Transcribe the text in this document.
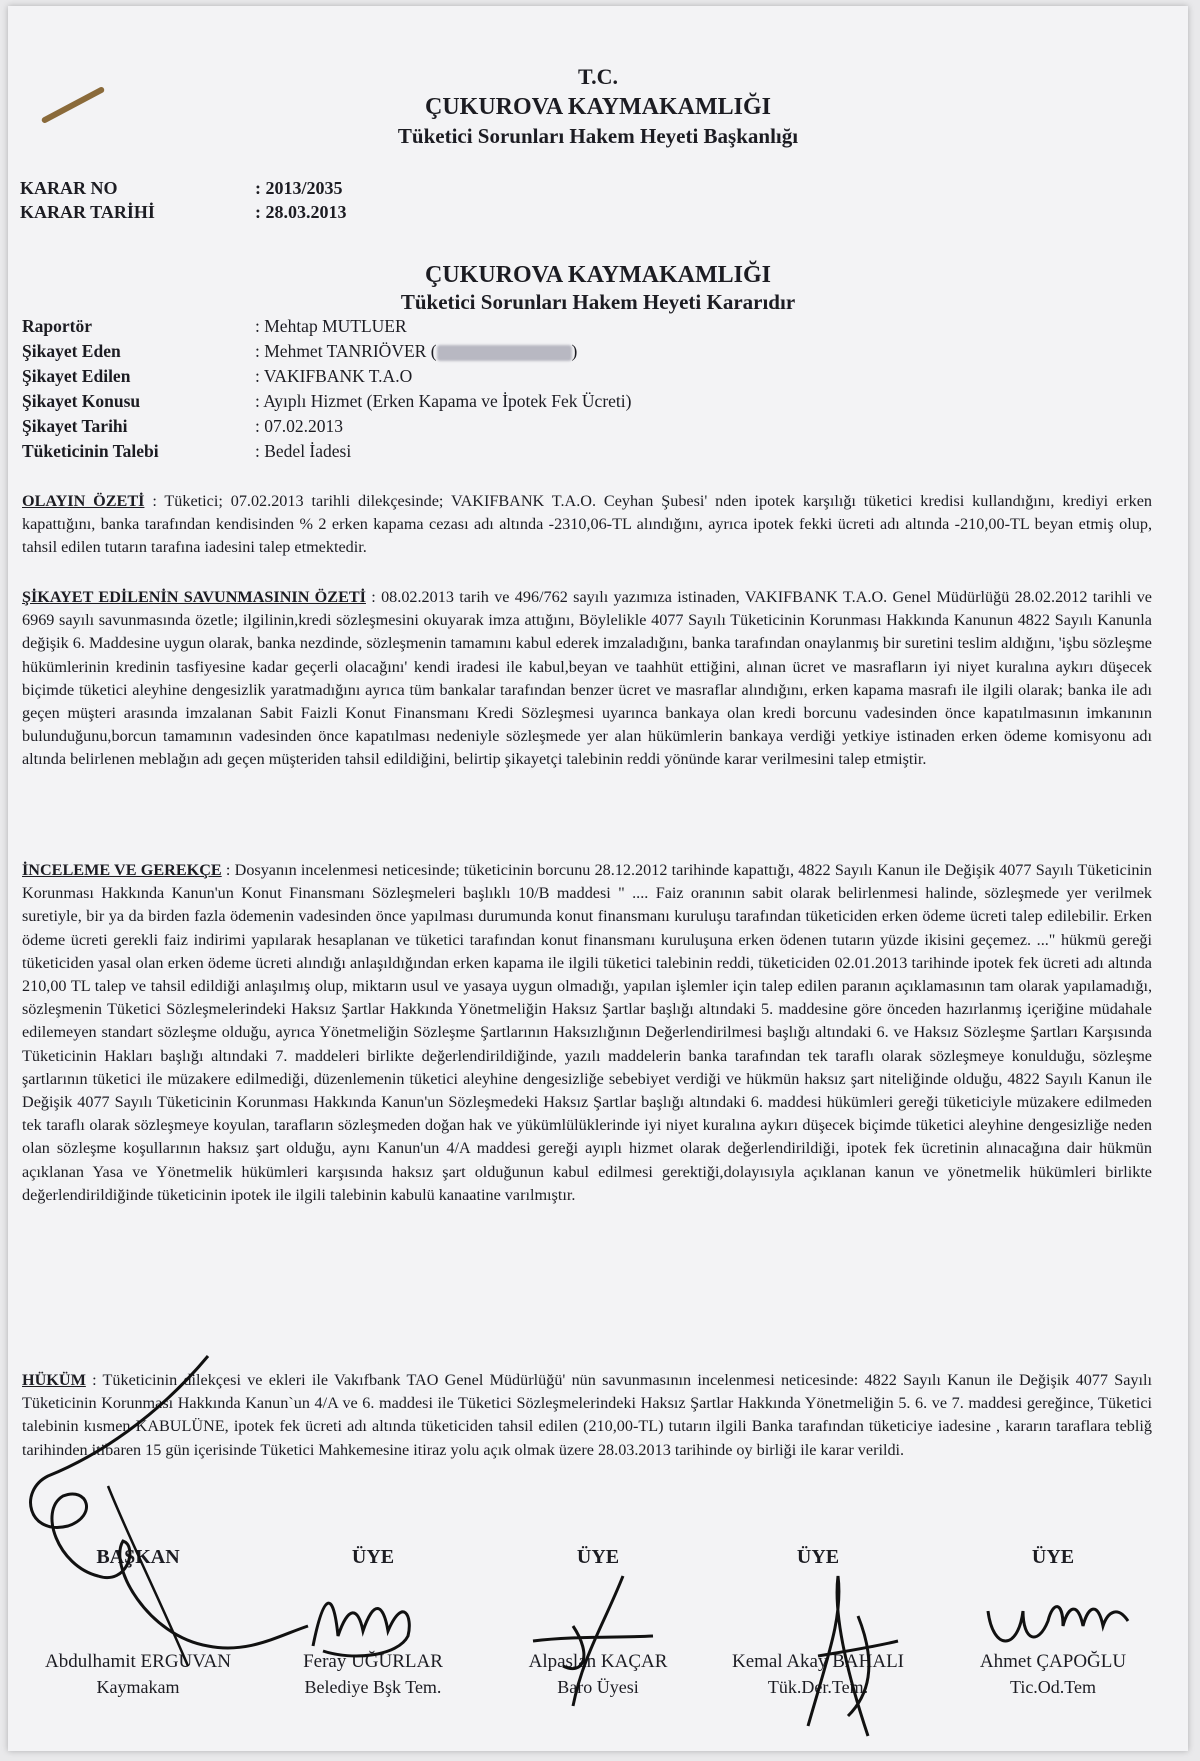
T.C.
ÇUKUROVA KAYMAKAMLIĞI
Tüketici Sorunları Hakem Heyeti Başkanlığı
KARAR NO	: 2013/2035
KARAR TARİHİ	: 28.03.2013
ÇUKUROVA KAYMAKAMLIĞI
Tüketici Sorunları Hakem Heyeti Kararıdır
Raportör	: Mehtap MUTLUER
Şikayet Eden	: Mehmet TANRIÖVER (	)
Şikayet Edilen	: VAKIFBANK T.A.O
Şikayet Konusu	: Ayıplı Hizmet (Erken Kapama ve İpotek Fek Ücreti)
Şikayet Tarihi	: 07.02.2013
Tüketicinin Talebi	: Bedel İadesi
OLAYIN ÖZETİ : Tüketici; 07.02.2013 tarihli dilekçesinde; VAKIFBANK T.A.O. Ceyhan Şubesi' nden ipotek karşılığı tüketici kredisi kullandığını, krediyi erken kapattığını, banka tarafından kendisinden % 2 erken kapama cezası adı altında -2310,06-TL alındığını, ayrıca ipotek fekki ücreti adı altında -210,00-TL beyan etmiş olup, tahsil edilen tutarın tarafına iadesini talep etmektedir.
ŞİKAYET EDİLENİN SAVUNMASININ ÖZETİ : 08.02.2013 tarih ve 496/762 sayılı yazımıza istinaden, VAKIFBANK T.A.O. Genel Müdürlüğü 28.02.2012 tarihli ve 6969 sayılı savunmasında özetle; ilgilinin,kredi sözleşmesini okuyarak imza attığını, Böylelikle 4077 Sayılı Tüketicinin Korunması Hakkında Kanunun 4822 Sayılı Kanunla değişik 6. Maddesine uygun olarak, banka nezdinde, sözleşmenin tamamını kabul ederek imzaladığını, banka tarafından onaylanmış bir suretini teslim aldığını, 'işbu sözleşme hükümlerinin kredinin tasfiyesine kadar geçerli olacağını' kendi iradesi ile kabul,beyan ve taahhüt ettiğini, alınan ücret ve masrafların iyi niyet kuralına aykırı düşecek biçimde tüketici aleyhine dengesizlik yaratmadığını ayrıca tüm bankalar tarafından benzer ücret ve masraflar alındığını, erken kapama masrafı ile ilgili olarak; banka ile adı geçen müşteri arasında imzalanan Sabit Faizli Konut Finansmanı Kredi Sözleşmesi uyarınca bankaya olan kredi borcunu vadesinden önce kapatılmasının imkanının bulunduğunu,borcun tamamının vadesinden önce kapatılması nedeniyle sözleşmede yer alan hükümlerin bankaya verdiği yetkiye istinaden erken ödeme komisyonu adı altında belirlenen meblağın adı geçen müşteriden tahsil edildiğini, belirtip şikayetçi talebinin reddi yönünde karar verilmesini talep etmiştir.
İNCELEME VE GEREKÇE : Dosyanın incelenmesi neticesinde; tüketicinin borcunu 28.12.2012 tarihinde kapattığı, 4822 Sayılı Kanun ile Değişik 4077 Sayılı Tüketicinin Korunması Hakkında Kanun'un Konut Finansmanı Sözleşmeleri başlıklı 10/B maddesi " .... Faiz oranının sabit olarak belirlenmesi halinde, sözleşmede yer verilmek suretiyle, bir ya da birden fazla ödemenin vadesinden önce yapılması durumunda konut finansmanı kuruluşu tarafından tüketiciden erken ödeme ücreti talep edilebilir. Erken ödeme ücreti gerekli faiz indirimi yapılarak hesaplanan ve tüketici tarafından konut finansmanı kuruluşuna erken ödenen tutarın yüzde ikisini geçemez. ..." hükmü gereği tüketiciden yasal olan erken ödeme ücreti alındığı anlaşıldığından erken kapama ile ilgili tüketici talebinin reddi, tüketiciden 02.01.2013 tarihinde ipotek fek ücreti adı altında 210,00 TL talep ve tahsil edildiği anlaşılmış olup, miktarın usul ve yasaya uygun olmadığı, yapılan işlemler için talep edilen paranın açıklamasının tam olarak yapılamadığı, sözleşmenin Tüketici Sözleşmelerindeki Haksız Şartlar Hakkında Yönetmeliğin Haksız Şartlar başlığı altındaki 5. maddesine göre önceden hazırlanmış içeriğine müdahale edilemeyen standart sözleşme olduğu, ayrıca Yönetmeliğin Sözleşme Şartlarının Haksızlığının Değerlendirilmesi başlığı altındaki 6. ve Haksız Sözleşme Şartları Karşısında Tüketicinin Hakları başlığı altındaki 7. maddeleri birlikte değerlendirildiğinde, yazılı maddelerin banka tarafından tek taraflı olarak sözleşmeye konulduğu, sözleşme şartlarının tüketici ile müzakere edilmediği, düzenlemenin tüketici aleyhine dengesizliğe sebebiyet verdiği ve hükmün haksız şart niteliğinde olduğu, 4822 Sayılı Kanun ile Değişik 4077 Sayılı Tüketicinin Korunması Hakkında Kanun'un Sözleşmedeki Haksız Şartlar başlığı altındaki 6. maddesi hükümleri gereği tüketiciyle müzakere edilmeden tek taraflı olarak sözleşmeye koyulan, tarafların sözleşmeden doğan hak ve yükümlülüklerinde iyi niyet kuralına aykırı düşecek biçimde tüketici aleyhine dengesizliğe neden olan sözleşme koşullarının haksız şart olduğu, aynı Kanun'un 4/A maddesi gereği ayıplı hizmet olarak değerlendirildiği, ipotek fek ücretinin alınacağına dair hükmün açıklanan Yasa ve Yönetmelik hükümleri karşısında haksız şart olduğunun kabul edilmesi gerektiği,dolayısıyla açıklanan kanun ve yönetmelik hükümleri birlikte değerlendirildiğinde tüketicinin ipotek ile ilgili talebinin kabulü kanaatine varılmıştır.
HÜKÜM : Tüketicinin dilekçesi ve ekleri ile Vakıfbank TAO Genel Müdürlüğü' nün savunmasının incelenmesi neticesinde: 4822 Sayılı Kanun ile Değişik 4077 Sayılı Tüketicinin Korunması Hakkında Kanun`un 4/A ve 6. maddesi ile Tüketici Sözleşmelerindeki Haksız Şartlar Hakkında Yönetmeliğin 5. 6. ve 7. maddesi gereğince, Tüketici talebinin kısmen KABULÜNE, ipotek fek ücreti adı altında tüketiciden tahsil edilen (210,00-TL) tutarın ilgili Banka tarafından tüketiciye iadesine , kararın taraflara tebliğ tarihinden itibaren 15 gün içerisinde Tüketici Mahkemesine itiraz yolu açık olmak üzere 28.03.2013 tarihinde oy birliği ile karar verildi.
BAŞKAN
Abdulhamit ERGUVAN
Kaymakam
ÜYE
Feray UĞURLAR
Belediye Bşk Tem.
ÜYE
Alpaslan KAÇAR
Baro Üyesi
ÜYE
Kemal Akay BAHALI
Tük.Der.Tem.
ÜYE
Ahmet ÇAPOĞLU
Tic.Od.Tem
